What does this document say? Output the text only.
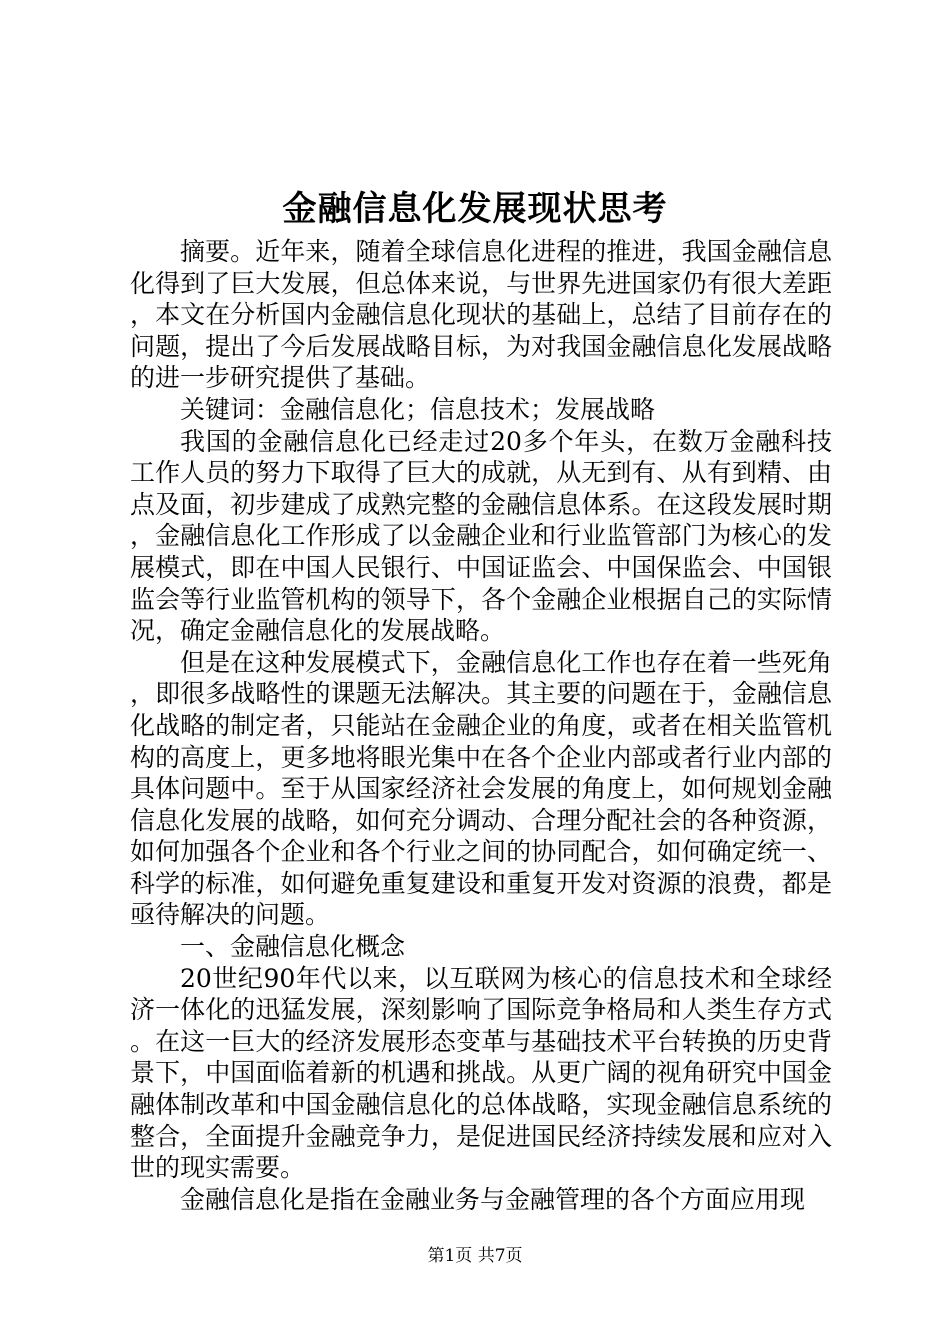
金融信息化发展现状思考

摘要。近年来，随着全球信息化进程的推进，我国金融信息化得到了巨大发展，但总体来说，与世界先进国家仍有很大差距，本文在分析国内金融信息化现状的基础上，总结了目前存在的问题，提出了今后发展战略目标，为对我国金融信息化发展战略的进一步研究提供了基础。

关键词：金融信息化；信息技术；发展战略

我国的金融信息化已经走过20多个年头，在数万金融科技工作人员的努力下取得了巨大的成就，从无到有、从有到精、由点及面，初步建成了成熟完整的金融信息体系。在这段发展时期，金融信息化工作形成了以金融企业和行业监管部门为核心的发展模式，即在中国人民银行、中国证监会、中国保监会、中国银监会等行业监管机构的领导下，各个金融企业根据自己的实际情况，确定金融信息化的发展战略。

但是在这种发展模式下，金融信息化工作也存在着一些死角，即很多战略性的课题无法解决。其主要的问题在于，金融信息化战略的制定者，只能站在金融企业的角度，或者在相关监管机构的高度上，更多地将眼光集中在各个企业内部或者行业内部的具体问题中。至于从国家经济社会发展的角度上，如何规划金融信息化发展的战略，如何充分调动、合理分配社会的各种资源，如何加强各个企业和各个行业之间的协同配合，如何确定统一、科学的标准，如何避免重复建设和重复开发对资源的浪费，都是亟待解决的问题。

一、金融信息化概念

20世纪90年代以来，以互联网为核心的信息技术和全球经济一体化的迅猛发展，深刻影响了国际竞争格局和人类生存方式。在这一巨大的经济发展形态变革与基础技术平台转换的历史背景下，中国面临着新的机遇和挑战。从更广阔的视角研究中国金融体制改革和中国金融信息化的总体战略，实现金融信息系统的整合，全面提升金融竞争力，是促进国民经济持续发展和应对入世的现实需要。

金融信息化是指在金融业务与金融管理的各个方面应用现

第1页 共7页
